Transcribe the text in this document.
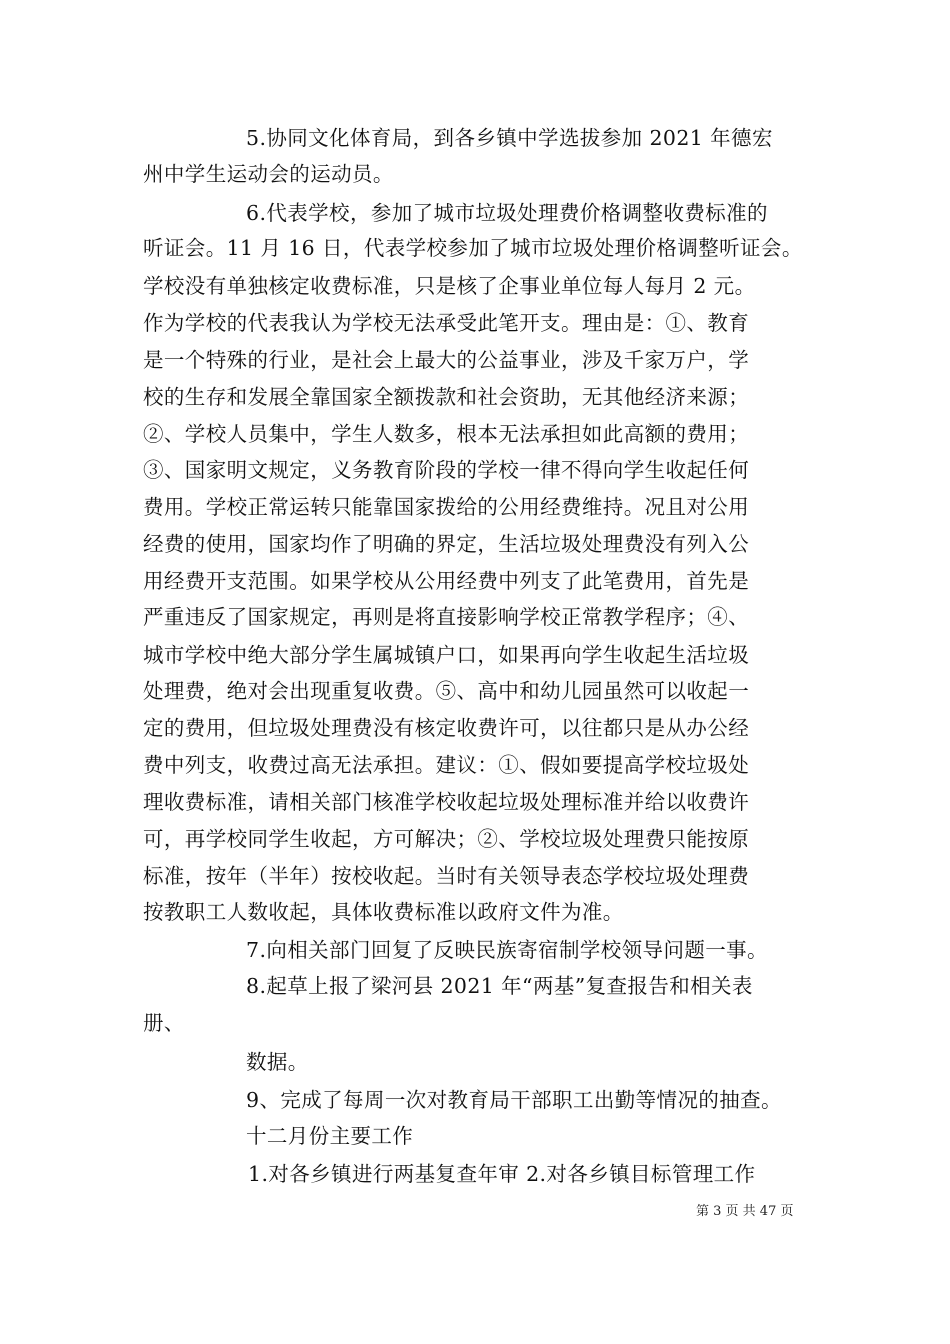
5.协同文化体育局，到各乡镇中学选拔参加 2021 年德宏
州中学生运动会的运动员。
6.代表学校，参加了城市垃圾处理费价格调整收费标准的
听证会。11 月 16 日，代表学校参加了城市垃圾处理价格调整听证会。
学校没有单独核定收费标准，只是核了企事业单位每人每月 2 元。
作为学校的代表我认为学校无法承受此笔开支。理由是：①、教育
是一个特殊的行业，是社会上最大的公益事业，涉及千家万户，学
校的生存和发展全靠国家全额拨款和社会资助，无其他经济来源；
②、学校人员集中，学生人数多，根本无法承担如此高额的费用；
③、国家明文规定，义务教育阶段的学校一律不得向学生收起任何
费用。学校正常运转只能靠国家拨给的公用经费维持。况且对公用
经费的使用，国家均作了明确的界定，生活垃圾处理费没有列入公
用经费开支范围。如果学校从公用经费中列支了此笔费用，首先是
严重违反了国家规定，再则是将直接影响学校正常教学程序；④、
城市学校中绝大部分学生属城镇户口，如果再向学生收起生活垃圾
处理费，绝对会出现重复收费。⑤、高中和幼儿园虽然可以收起一
定的费用，但垃圾处理费没有核定收费许可，以往都只是从办公经
费中列支，收费过高无法承担。建议：①、假如要提高学校垃圾处
理收费标准，请相关部门核准学校收起垃圾处理标准并给以收费许
可，再学校同学生收起，方可解决；②、学校垃圾处理费只能按原
标准，按年（半年）按校收起。当时有关领导表态学校垃圾处理费
按教职工人数收起，具体收费标准以政府文件为准。
7.向相关部门回复了反映民族寄宿制学校领导问题一事。
8.起草上报了梁河县 2021 年“两基”复查报告和相关表
册、
数据。
9、完成了每周一次对教育局干部职工出勤等情况的抽查。
十二月份主要工作
1.对各乡镇进行两基复查年审 2.对各乡镇目标管理工作
第 3 页 共 47 页
